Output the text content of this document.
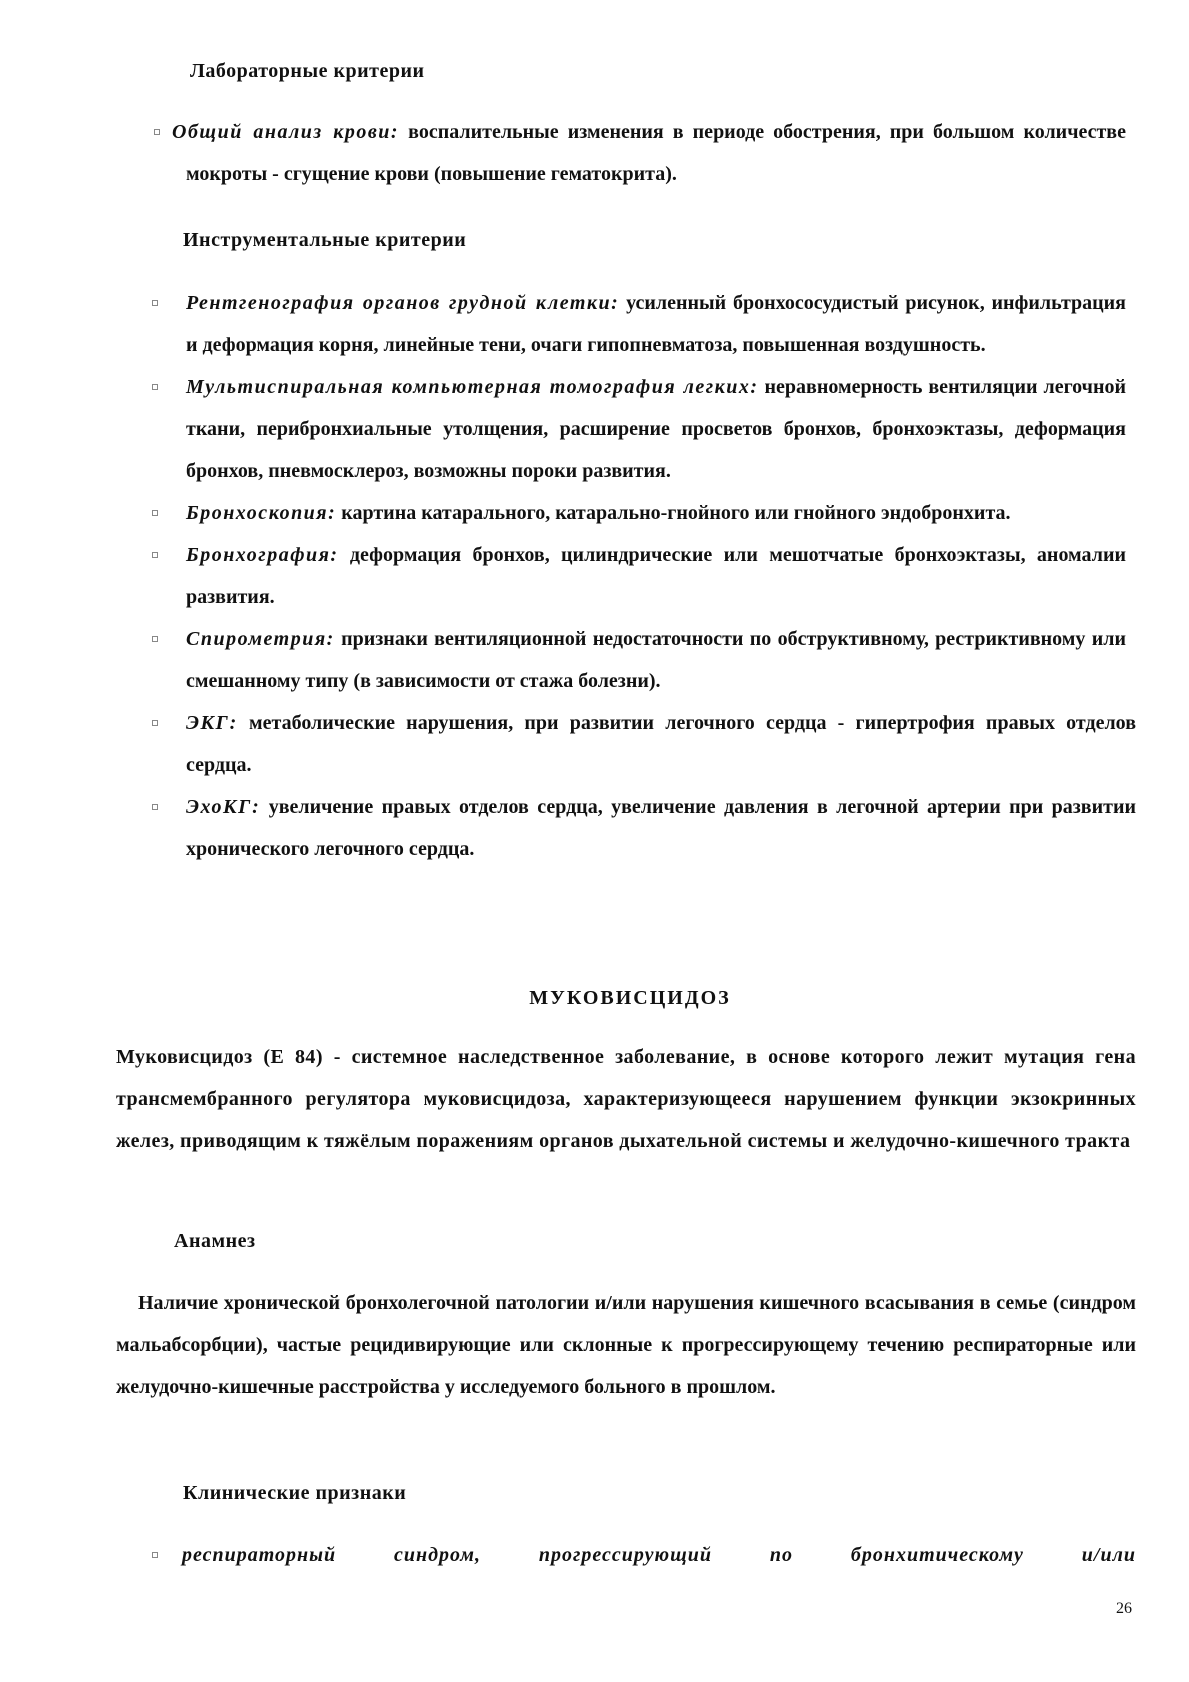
Лабораторные критерии
Общий анализ крови: воспалительные изменения в периоде обострения, при большом количестве мокроты - сгущение крови (повышение гематокрита).
Инструментальные критерии
Рентгенография органов грудной клетки: усиленный бронхососудистый рисунок, инфильтрация и деформация корня, линейные тени, очаги гипопневматоза, повышенная воздушность.
Мультиспиральная компьютерная томография легких: неравномерность вентиляции легочной ткани, перибронхиальные утолщения, расширение просветов бронхов, бронхоэктазы, деформация бронхов, пневмосклероз, возможны пороки развития.
Бронхоскопия: картина катарального, катарально-гнойного или гнойного эндобронхита.
Бронхография: деформация бронхов, цилиндрические или мешотчатые бронхоэктазы, аномалии развития.
Спирометрия: признаки вентиляционной недостаточности по обструктивному, рестриктивному или смешанному типу (в зависимости от стажа болезни).
ЭКГ: метаболические нарушения, при развитии легочного сердца - гипертрофия правых отделов сердца.
ЭхоКГ: увеличение правых отделов сердца, увеличение давления в легочной артерии при развитии хронического легочного сердца.
МУКОВИСЦИДОЗ

Муковисцидоз (Е 84) - системное наследственное заболевание, в основе которого лежит мутация гена трансмембранного регулятора муковисцидоза, характеризующееся нарушением функции экзокринных желез, приводящим к тяжёлым поражениям органов дыхательной системы и желудочно-кишечного тракта

Анамнез

Наличие хронической бронхолегочной патологии и/или нарушения кишечного всасывания в семье (синдром мальабсорбции), частые рецидивирующие или склонные к прогрессирующему течению респираторные или желудочно-кишечные расстройства у исследуемого больного в прошлом.

Клинические признаки
респираторный синдром, прогрессирующий по бронхитическому и/или
26
